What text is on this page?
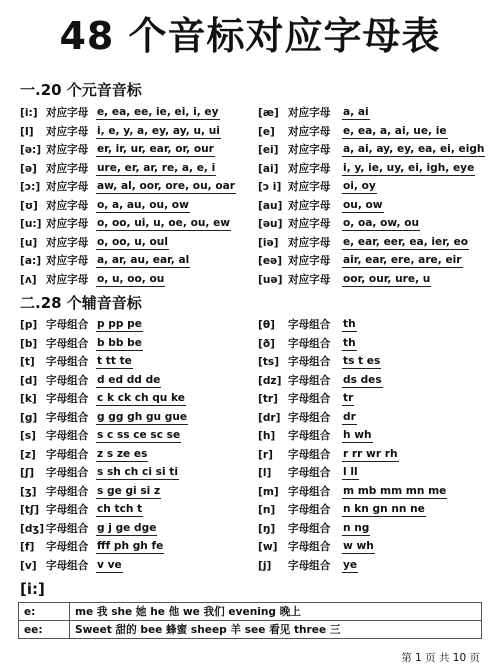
48 个音标对应字母表
一.20 个元音音标
[i:] 对应字母 e, ea, ee, ie, ei, i, ey
[I]	对应字母 i, e, y, a, ey, ay, u, ui
[ə:] 对应字母 er, ir, ur, ear, or, our
[ə] 对应字母 ure, er, ar, re, a, e, i
[ɔ:] 对应字母 aw, al, oor, ore, ou, oar
[ʊ] 对应字母 o, a, au, ou, ow
[u:] 对应字母 o, oo, ui, u, oe, ou, ew
[u] 对应字母 o, oo, u, oul
[a:] 对应字母 a, ar, au, ear, al
[ʌ] 对应字母 o, u, oo, ou
[æ] 对应字母	a, ai
[e]	对应字母	e, ea, a, ai, ue, ie
[ei] 对应字母	a, ai, ay, ey, ea, ei, eigh
[ai] 对应字母	i, y, ie, uy, ei, igh, eye
[ɔ i] 对应字母	oi, oy
[au] 对应字母	ou, ow
[əu] 对应字母	o, oa, ow, ou
[iə] 对应字母	e, ear, eer, ea, ier, eo
[eə] 对应字母	air, ear, ere, are, eir
[uə] 对应字母	oor, our, ure, u
二.28 个辅音音标
[p] 字母组合 p pp pe
[b] 字母组合 b bb be
[t]	字母组合 t tt te
[d] 字母组合 d ed dd de
[k] 字母组合 c k ck ch qu ke
[g] 字母组合 g gg gh gu gue
[s] 字母组合 s c ss ce sc se
[z] 字母组合 z s ze es
[ʃ]	字母组合 s sh ch ci si ti
[ʒ] 字母组合 s ge gi si z
[tʃ] 字母组合 ch tch t
[dʒ] 字母组合 g j ge dge
[f]	字母组合 fff ph gh fe
[v] 字母组合 v ve
[θ]	字母组合	th
[ð]	字母组合	th
[ts] 字母组合	ts t es
[dz] 字母组合	ds des
[tr] 字母组合	tr
[dr] 字母组合	dr
[h]	字母组合	h wh
[r]	字母组合	r rr wr rh
[l]	字母组合	l ll
[m] 字母组合	m mb mm mn me
[n]	字母组合	n kn gn nn ne
[ŋ]	字母组合	n ng
[w] 字母组合	w wh
[j]	字母组合	ye
[i:]
e:	me 我 she 她 he 他 we 我们 evening 晚上
ee:	Sweet 甜的 bee 蜂蜜 sheep 羊 see 看见 three 三
第 1 页 共 10 页
